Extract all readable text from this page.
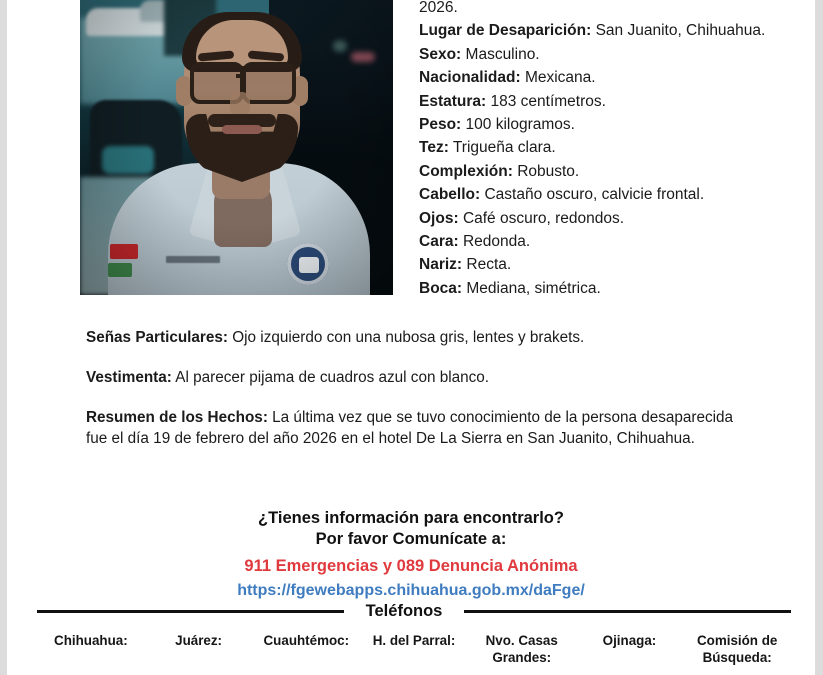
2026.
Lugar de Desaparición: San Juanito, Chihuahua.
Sexo: Masculino.
Nacionalidad: Mexicana.
Estatura: 183 centímetros.
Peso: 100 kilogramos.
Tez: Trigueña clara.
Complexión: Robusto.
Cabello: Castaño oscuro, calvicie frontal.
Ojos: Café oscuro, redondos.
Cara: Redonda.
Nariz: Recta.
Boca: Mediana, simétrica.
Señas Particulares: Ojo izquierdo con una nubosa gris, lentes y brakets.
Vestimenta: Al parecer pijama de cuadros azul con blanco.
Resumen de los Hechos: La última vez que se tuvo conocimiento de la persona desaparecida fue el día 19 de febrero del año 2026 en el hotel De La Sierra en San Juanito, Chihuahua.
¿Tienes información para encontrarlo?
Por favor Comunícate a:
911 Emergencias y 089 Denuncia Anónima
https://fgewebapps.chihuahua.gob.mx/daFge/
Teléfonos
Chihuahua:	Juárez:	Cuauhtémoc:	H. del Parral:	Nvo. Casas Grandes:
Ojinaga:	Comisión de Búsqueda:
